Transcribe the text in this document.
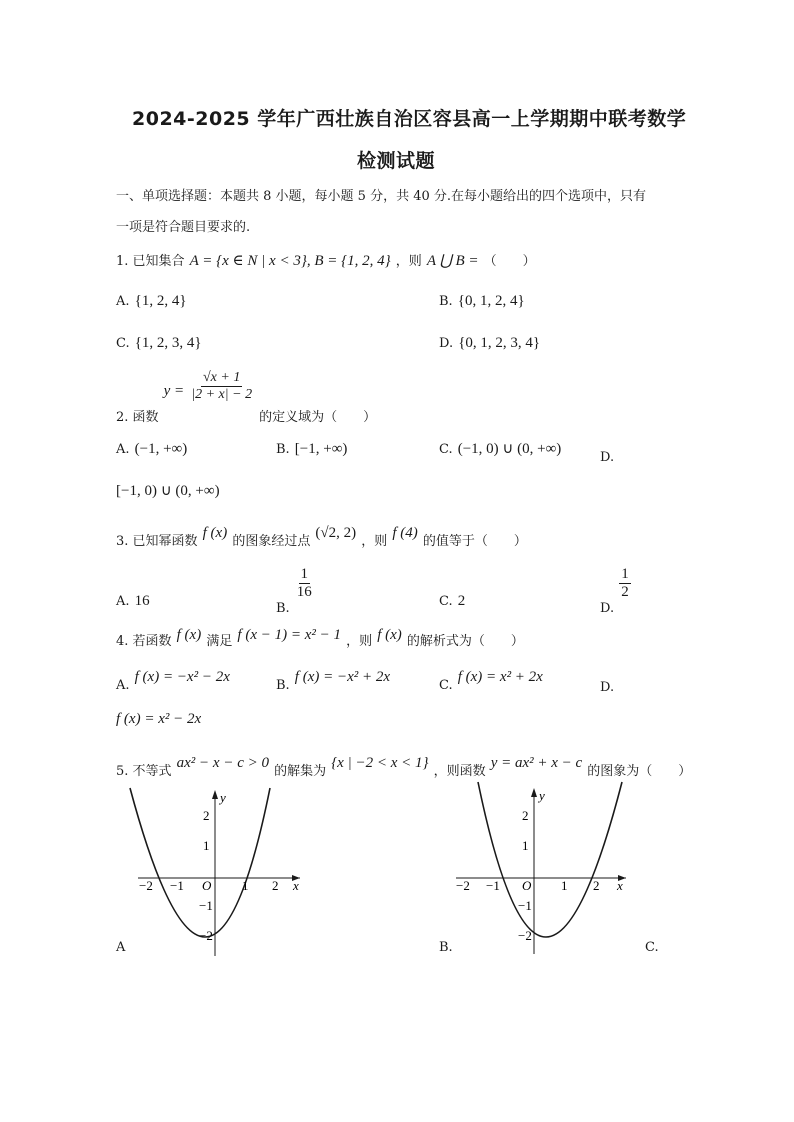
2024-2025 学年广西壮族自治区容县高一上学期期中联考数学
检测试题
一、单项选择题：本题共 8 小题，每小题 5 分，共 40 分.在每小题给出的四个选项中，只有
一项是符合题目要求的.
1. 已知集合 A = {x ∈ N | x < 3}, B = {1, 2, 4} ，则 A ⋃ B = （　　）
A. {1, 2, 4}	B. {0, 1, 2, 4}
C. {1, 2, 3, 4}	D. {0, 1, 2, 3, 4}
$_{2. 函数}$ $y = \frac{√x + 1}{|2 + x| - 2}$
$_{的定义域为( )}$
A. (−1, +∞)	B. [−1, +∞)	C. (−1, 0) ∪ (0, +∞)
D.
[−1, 0) ∪ (0, +∞)
$_{3. 已知幂函数}$ f (x) $_{的图象经过点}$ (√2, 2) $_{,则}$ f (4) $_{的值等于( )}$
A. 16	$_{B.}$
$\frac{1}{16}$
C. 2	$_{D.}$
$\frac{1}{2}$
$_{4. 若函数}$ f (x) $_{满足}$ f (x − 1) = x² − 1 $_{,则}$ f (x) $_{的解析式为( )}$
$_{A.}$ f (x) = −x² − 2x
$_{B.}$ f (x) = −x² + 2x
$_{C.}$ f (x) = x² + 2x
D.
f (x) = x² − 2x
$_{5. 不等式}$ ax² − x − c > 0 $_{的解集为}$ {x | −2 < x < 1} $_{,则函数}$ y = ax² + x − c $_{的图象为( )}$
y
x
O
−2 −1	1 2
2
1
−1
−2
A
y
x
O
−2 −1	1 2
2
1
−1
−2
B.	C.
